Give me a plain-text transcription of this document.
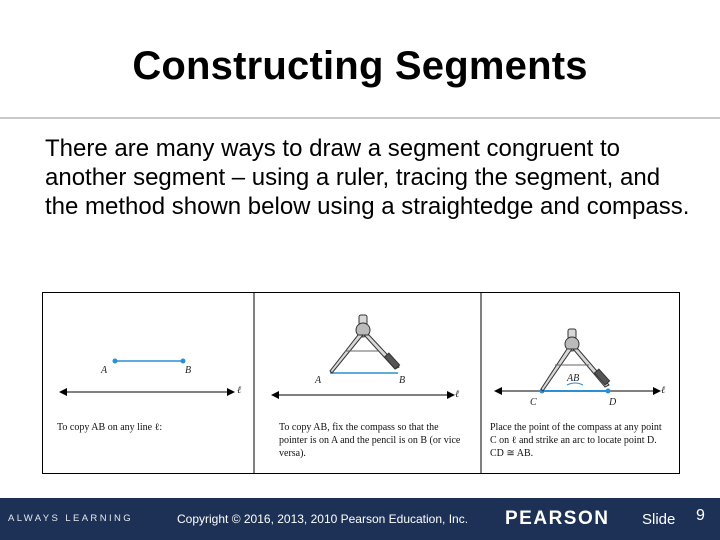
Constructing Segments
There are many ways to draw a segment congruent to another segment – using a ruler, tracing the segment, and the method shown below using a straightedge and compass.
A	B
ℓ	ℓ
A	B
ℓ
AB
C	D
To copy AB on any line ℓ:	To copy AB, fix the compass so that the pointer is on A and the pencil is on B (or vice versa).
Place the point of the compass at any point C on ℓ and strike an arc to locate point D. CD ≅ AB.
ALWAYS LEARNING	Copyright © 2016, 2013, 2010 Pearson Education, Inc. PEARSON Slide 9
